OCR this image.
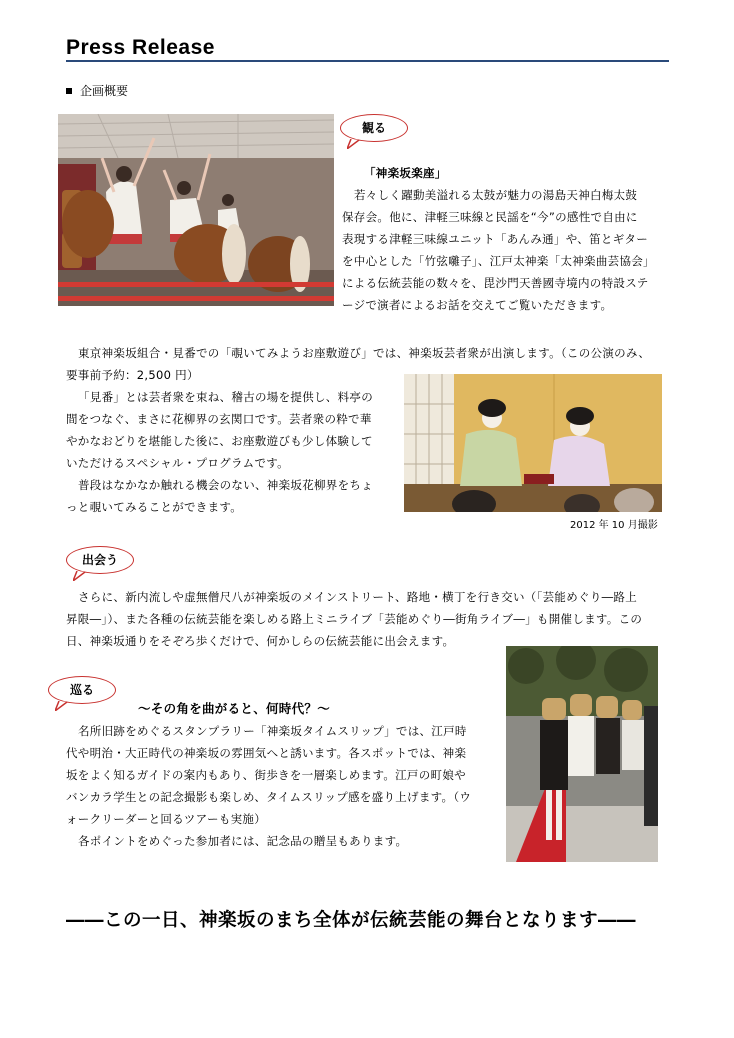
Press Release
企画概要
観る
「神楽坂楽座」
若々しく躍動美溢れる太鼓が魅力の湯島天神白梅太鼓
保存会。他に、津軽三味線と民謡を“今”の感性で自由に
表現する津軽三味線ユニット「あんみ通」や、笛とギター
を中心とした「竹弦囃子」、江戸太神楽「太神楽曲芸協会」
による伝統芸能の数々を、毘沙門天善國寺境内の特設ステ
ージで演者によるお話を交えてご覧いただきます。
東京神楽坂組合・見番での「覗いてみようお座敷遊び」では、神楽坂芸者衆が出演します。（この公演のみ、
要事前予約：2,500 円）
「見番」とは芸者衆を束ね、稽古の場を提供し、料亭の
間をつなぐ、まさに花柳界の玄関口です。芸者衆の粋で華
やかなおどりを堪能した後に、お座敷遊びも少し体験して
いただけるスペシャル・プログラムです。
普段はなかなか触れる機会のない、神楽坂花柳界をちょ
っと覗いてみることができます。
2012 年 10 月撮影
出会う
さらに、新内流しや虚無僧尺八が神楽坂のメインストリート、路地・横丁を行き交い（「芸能めぐり―路上
昇限―」）、また各種の伝統芸能を楽しめる路上ミニライブ「芸能めぐり―街角ライブ―」も開催します。この
日、神楽坂通りをそぞろ歩くだけで、何かしらの伝統芸能に出会えます。
巡る
～その角を曲がると、何時代？～
名所旧跡をめぐるスタンプラリー「神楽坂タイムスリップ」では、江戸時
代や明治・大正時代の神楽坂の雰囲気へと誘います。各スポットでは、神楽
坂をよく知るガイドの案内もあり、街歩きを一層楽しめます。江戸の町娘や
バンカラ学生との記念撮影も楽しめ、タイムスリップ感を盛り上げます。（ウ
ォークリーダーと回るツアーも実施）
各ポイントをめぐった参加者には、記念品の贈呈もあります。
――この一日、神楽坂のまち全体が伝統芸能の舞台となります――
